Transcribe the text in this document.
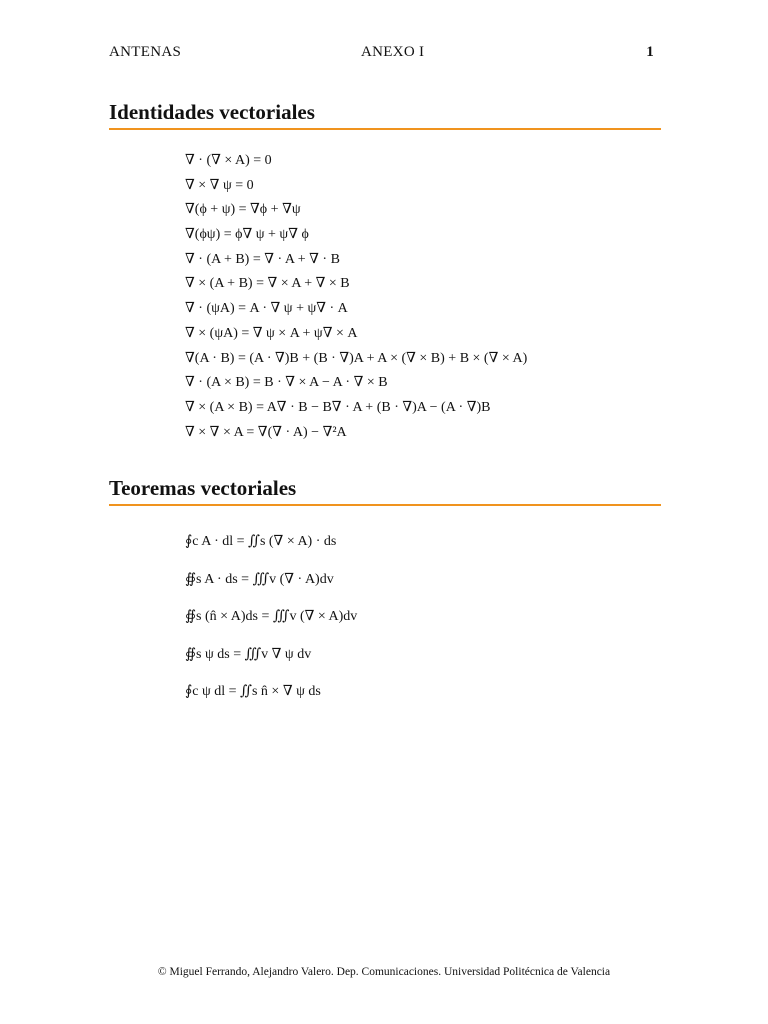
ANTENAS	ANEXO I	1
Identidades vectoriales
∇ · (∇ × A) = 0
∇ × ∇ ψ = 0
∇(ϕ + ψ) = ∇ϕ + ∇ψ
∇(ϕψ) = ϕ∇ ψ + ψ∇ ϕ
∇ · (A + B) = ∇ · A + ∇ · B
∇ × (A + B) = ∇ × A + ∇ × B
∇ · (ψA) = A · ∇ ψ + ψ∇ · A
∇ × (ψA) = ∇ ψ × A + ψ∇ × A
∇(A · B) = (A · ∇)B + (B · ∇)A + A × (∇ × B) + B × (∇ × A)
∇ · (A × B) = B · ∇ × A − A · ∇ × B
∇ × (A × B) = A∇ · B − B∇ · A + (B · ∇)A − (A · ∇)B
∇ × ∇ × A = ∇(∇ · A) − ∇²A
Teoremas vectoriales
∮c A · dl = ∬s (∇ × A) · ds
∯s A · ds = ∭v (∇ · A)dv
∯s (n̂ × A)ds = ∭v (∇ × A)dv
∯s ψ ds = ∭v ∇ ψ dv
∮c ψ dl = ∬s n̂ × ∇ ψ ds
© Miguel Ferrando, Alejandro Valero. Dep. Comunicaciones. Universidad Politécnica de Valencia
